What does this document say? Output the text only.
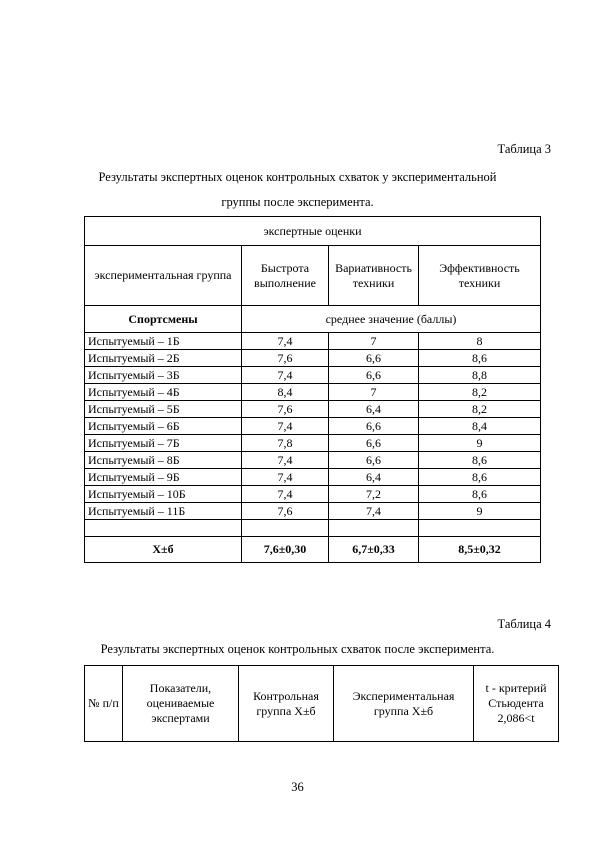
Таблица 3
Результаты экспертных оценок контрольных схваток у экспериментальной
группы после эксперимента.
экспертные оценки			
экспериментальная группа	Быстрота выполнение	Вариативность техники	Эффективность техники
Спортсмены	среднее значение (баллы)		
Испытуемый – 1Б	7,4	7	8
Испытуемый – 2Б	7,6	6,6	8,6
Испытуемый – 3Б	7,4	6,6	8,8
Испытуемый – 4Б	8,4	7	8,2
Испытуемый – 5Б	7,6	6,4	8,2
Испытуемый – 6Б	7,4	6,6	8,4
Испытуемый – 7Б	7,8	6,6	9
Испытуемый – 8Б	7,4	6,6	8,6
Испытуемый – 9Б	7,4	6,4	8,6
Испытуемый – 10Б	7,4	7,2	8,6
Испытуемый – 11Б	7,6	7,4	9

Х±б	7,6±0,30	6,7±0,33	8,5±0,32
Таблица 4
Результаты экспертных оценок контрольных схваток после эксперимента.
№ п/п	Показатели, оцениваемые экспертами	Контрольная группа Х±б	Экспериментальная группа Х±б	t - критерий Стьюдента 2,086<t
36
